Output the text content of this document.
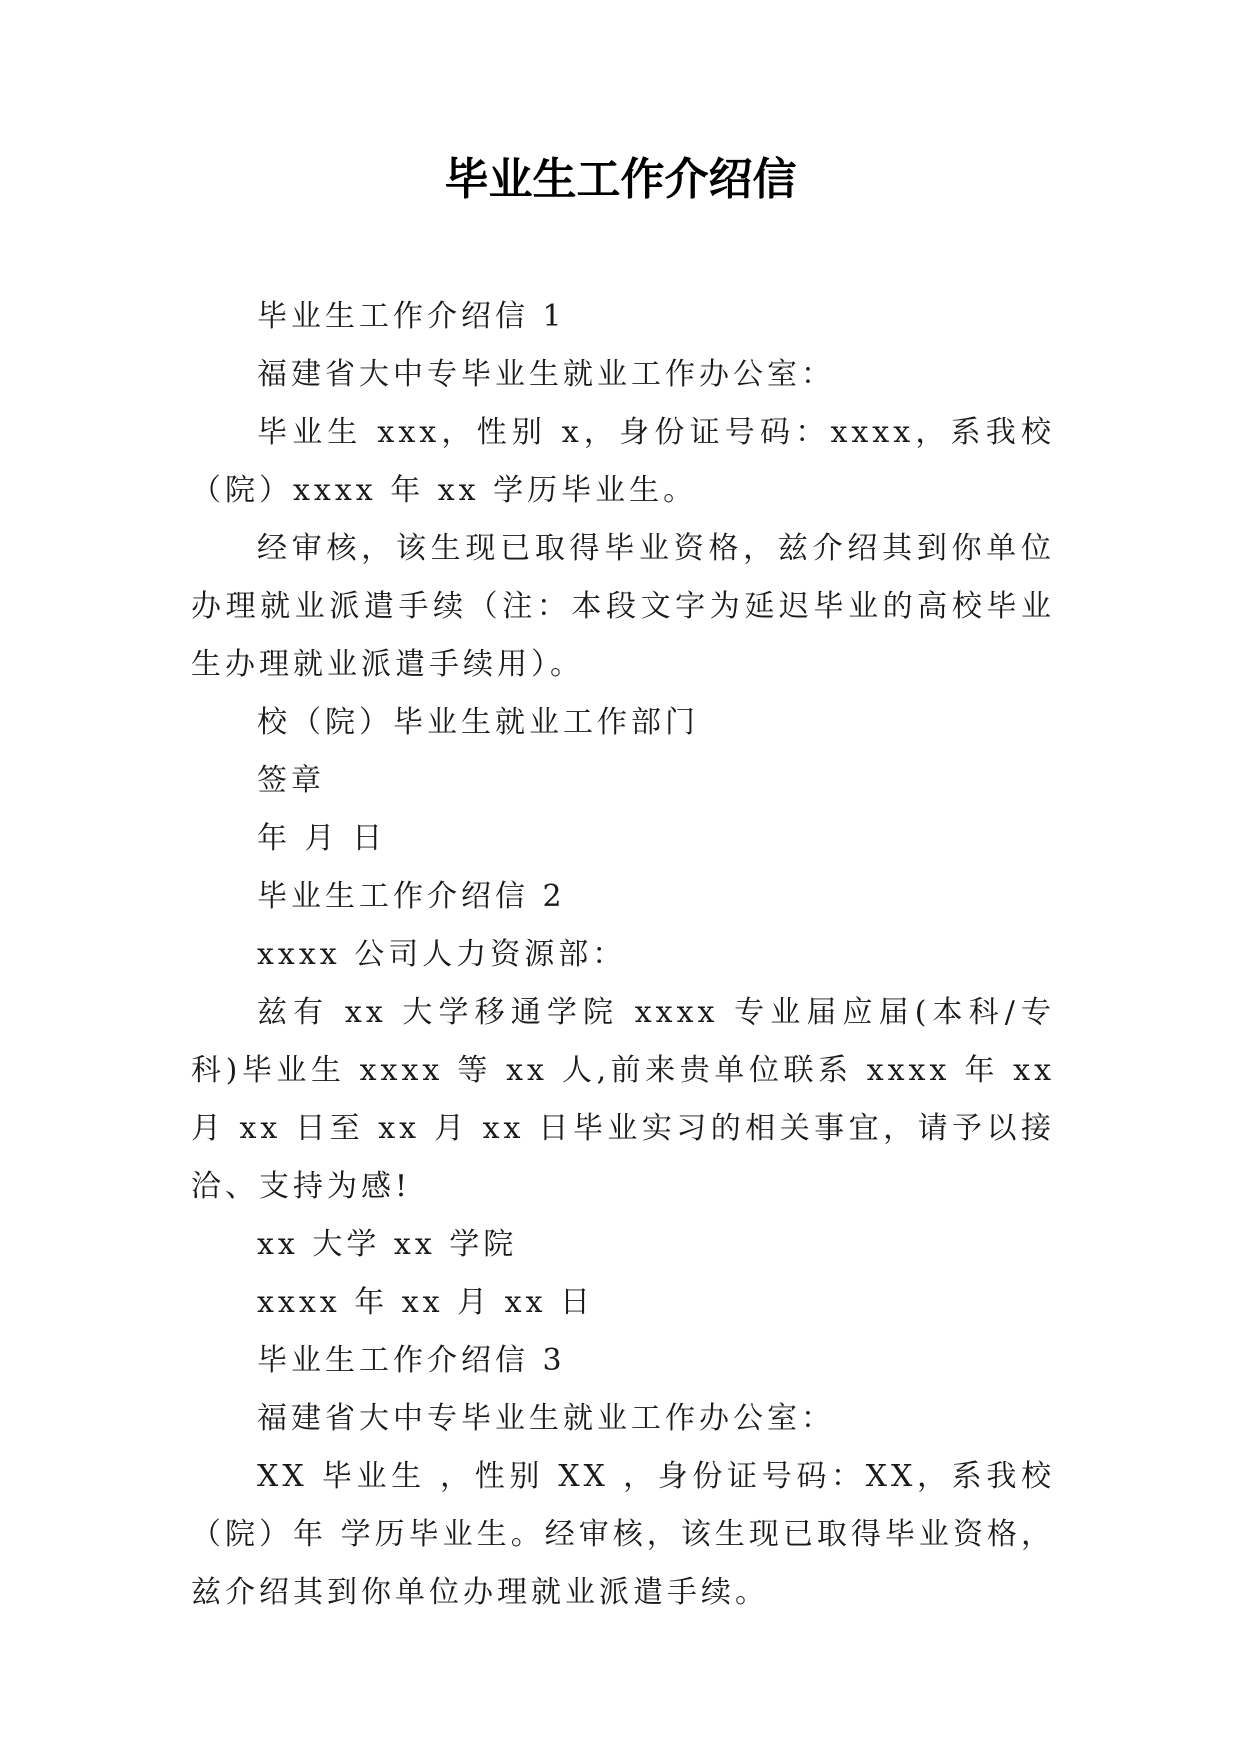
毕业生工作介绍信

毕业生工作介绍信 1

福建省大中专毕业生就业工作办公室：

毕业生 xxx，性别 x，身份证号码：xxxx，系我校（院）xxxx 年 xx 学历毕业生。

经审核，该生现已取得毕业资格，兹介绍其到你单位办理就业派遣手续（注：本段文字为延迟毕业的高校毕业生办理就业派遣手续用）。

校（院）毕业生就业工作部门

签章

年 月 日

毕业生工作介绍信 2

xxxx 公司人力资源部：

兹有 xx 大学移通学院 xxxx 专业届应届(本科/专科)毕业生 xxxx 等 xx 人,前来贵单位联系 xxxx 年 xx 月 xx 日至 xx 月 xx 日毕业实习的相关事宜，请予以接洽、支持为感!

xx 大学 xx 学院

xxxx 年 xx 月 xx 日

毕业生工作介绍信 3

福建省大中专毕业生就业工作办公室：

XX 毕业生 ，性别 XX ，身份证号码：XX，系我校（院）年 学历毕业生。经审核，该生现已取得毕业资格，兹介绍其到你单位办理就业派遣手续。
